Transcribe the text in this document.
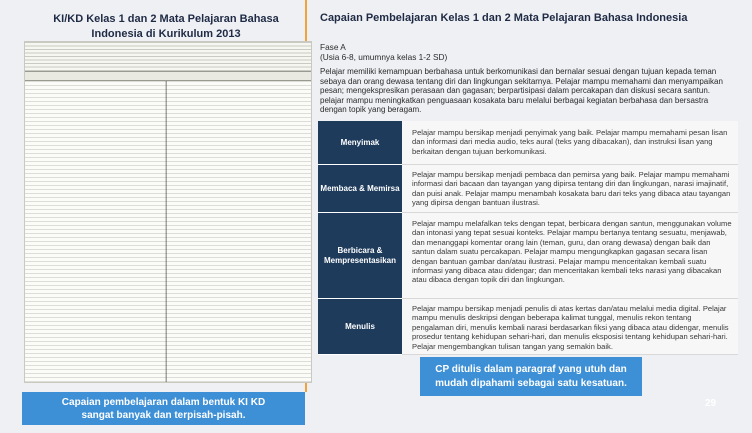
KI/KD Kelas 1 dan 2 Mata Pelajaran Bahasa
Indonesia di Kurikulum 2013
Capaian pembelajaran dalam bentuk KI KD
sangat banyak dan terpisah-pisah.
Capaian Pembelajaran Kelas 1 dan 2 Mata Pelajaran Bahasa Indonesia
Fase A
(Usia 6-8, umumnya kelas 1-2 SD)
Pelajar memiliki kemampuan berbahasa untuk berkomunikasi dan bernalar sesuai dengan tujuan kepada teman sebaya dan orang dewasa tentang diri dan lingkungan sekitarnya. Pelajar mampu memahami dan menyampaikan pesan; mengekspresikan perasaan dan gagasan; berpartisipasi dalam percakapan dan diskusi secara santun. pelajar mampu meningkatkan penguasaan kosakata baru melalui berbagai kegiatan berbahasa dan bersastra dengan topik yang beragam.
Menyimak
Pelajar mampu bersikap menjadi penyimak yang baik. Pelajar mampu memahami pesan lisan dan informasi dari media audio, teks aural (teks yang dibacakan), dan instruksi lisan yang berkaitan dengan tujuan berkomunikasi.
Membaca & Memirsa
Pelajar mampu bersikap menjadi pembaca dan pemirsa yang baik. Pelajar mampu memahami informasi dari bacaan dan tayangan yang dipirsa tentang diri dan lingkungan, narasi imajinatif, dan puisi anak. Pelajar mampu menambah kosakata baru dari teks yang dibaca atau tayangan yang dipirsa dengan bantuan ilustrasi.
Berbicara & Mempresentasikan
Pelajar mampu melafalkan teks dengan tepat, berbicara dengan santun, menggunakan volume dan intonasi yang tepat sesuai konteks. Pelajar mampu bertanya tentang sesuatu, menjawab, dan menanggapi komentar orang lain (teman, guru, dan orang dewasa) dengan baik dan santun dalam suatu percakapan. Pelajar mampu mengungkapkan gagasan secara lisan dengan bantuan gambar dan/atau ilustrasi. Pelajar mampu menceritakan kembali suatu informasi yang dibaca atau didengar; dan menceritakan kembali teks narasi yang dibacakan atau dibaca dengan topik diri dan lingkungan.
Menulis
Pelajar mampu bersikap menjadi penulis di atas kertas dan/atau melalui media digital. Pelajar mampu menulis deskripsi dengan beberapa kalimat tunggal, menulis rekon tentang pengalaman diri, menulis kembali narasi berdasarkan fiksi yang dibaca atau didengar, menulis prosedur tentang kehidupan sehari-hari, dan menulis eksposisi tentang kehidupan sehari-hari. Pelajar mengembangkan tulisan tangan yang semakin baik.
CP ditulis dalam paragraf yang utuh dan
mudah dipahami sebagai satu kesatuan.
29
